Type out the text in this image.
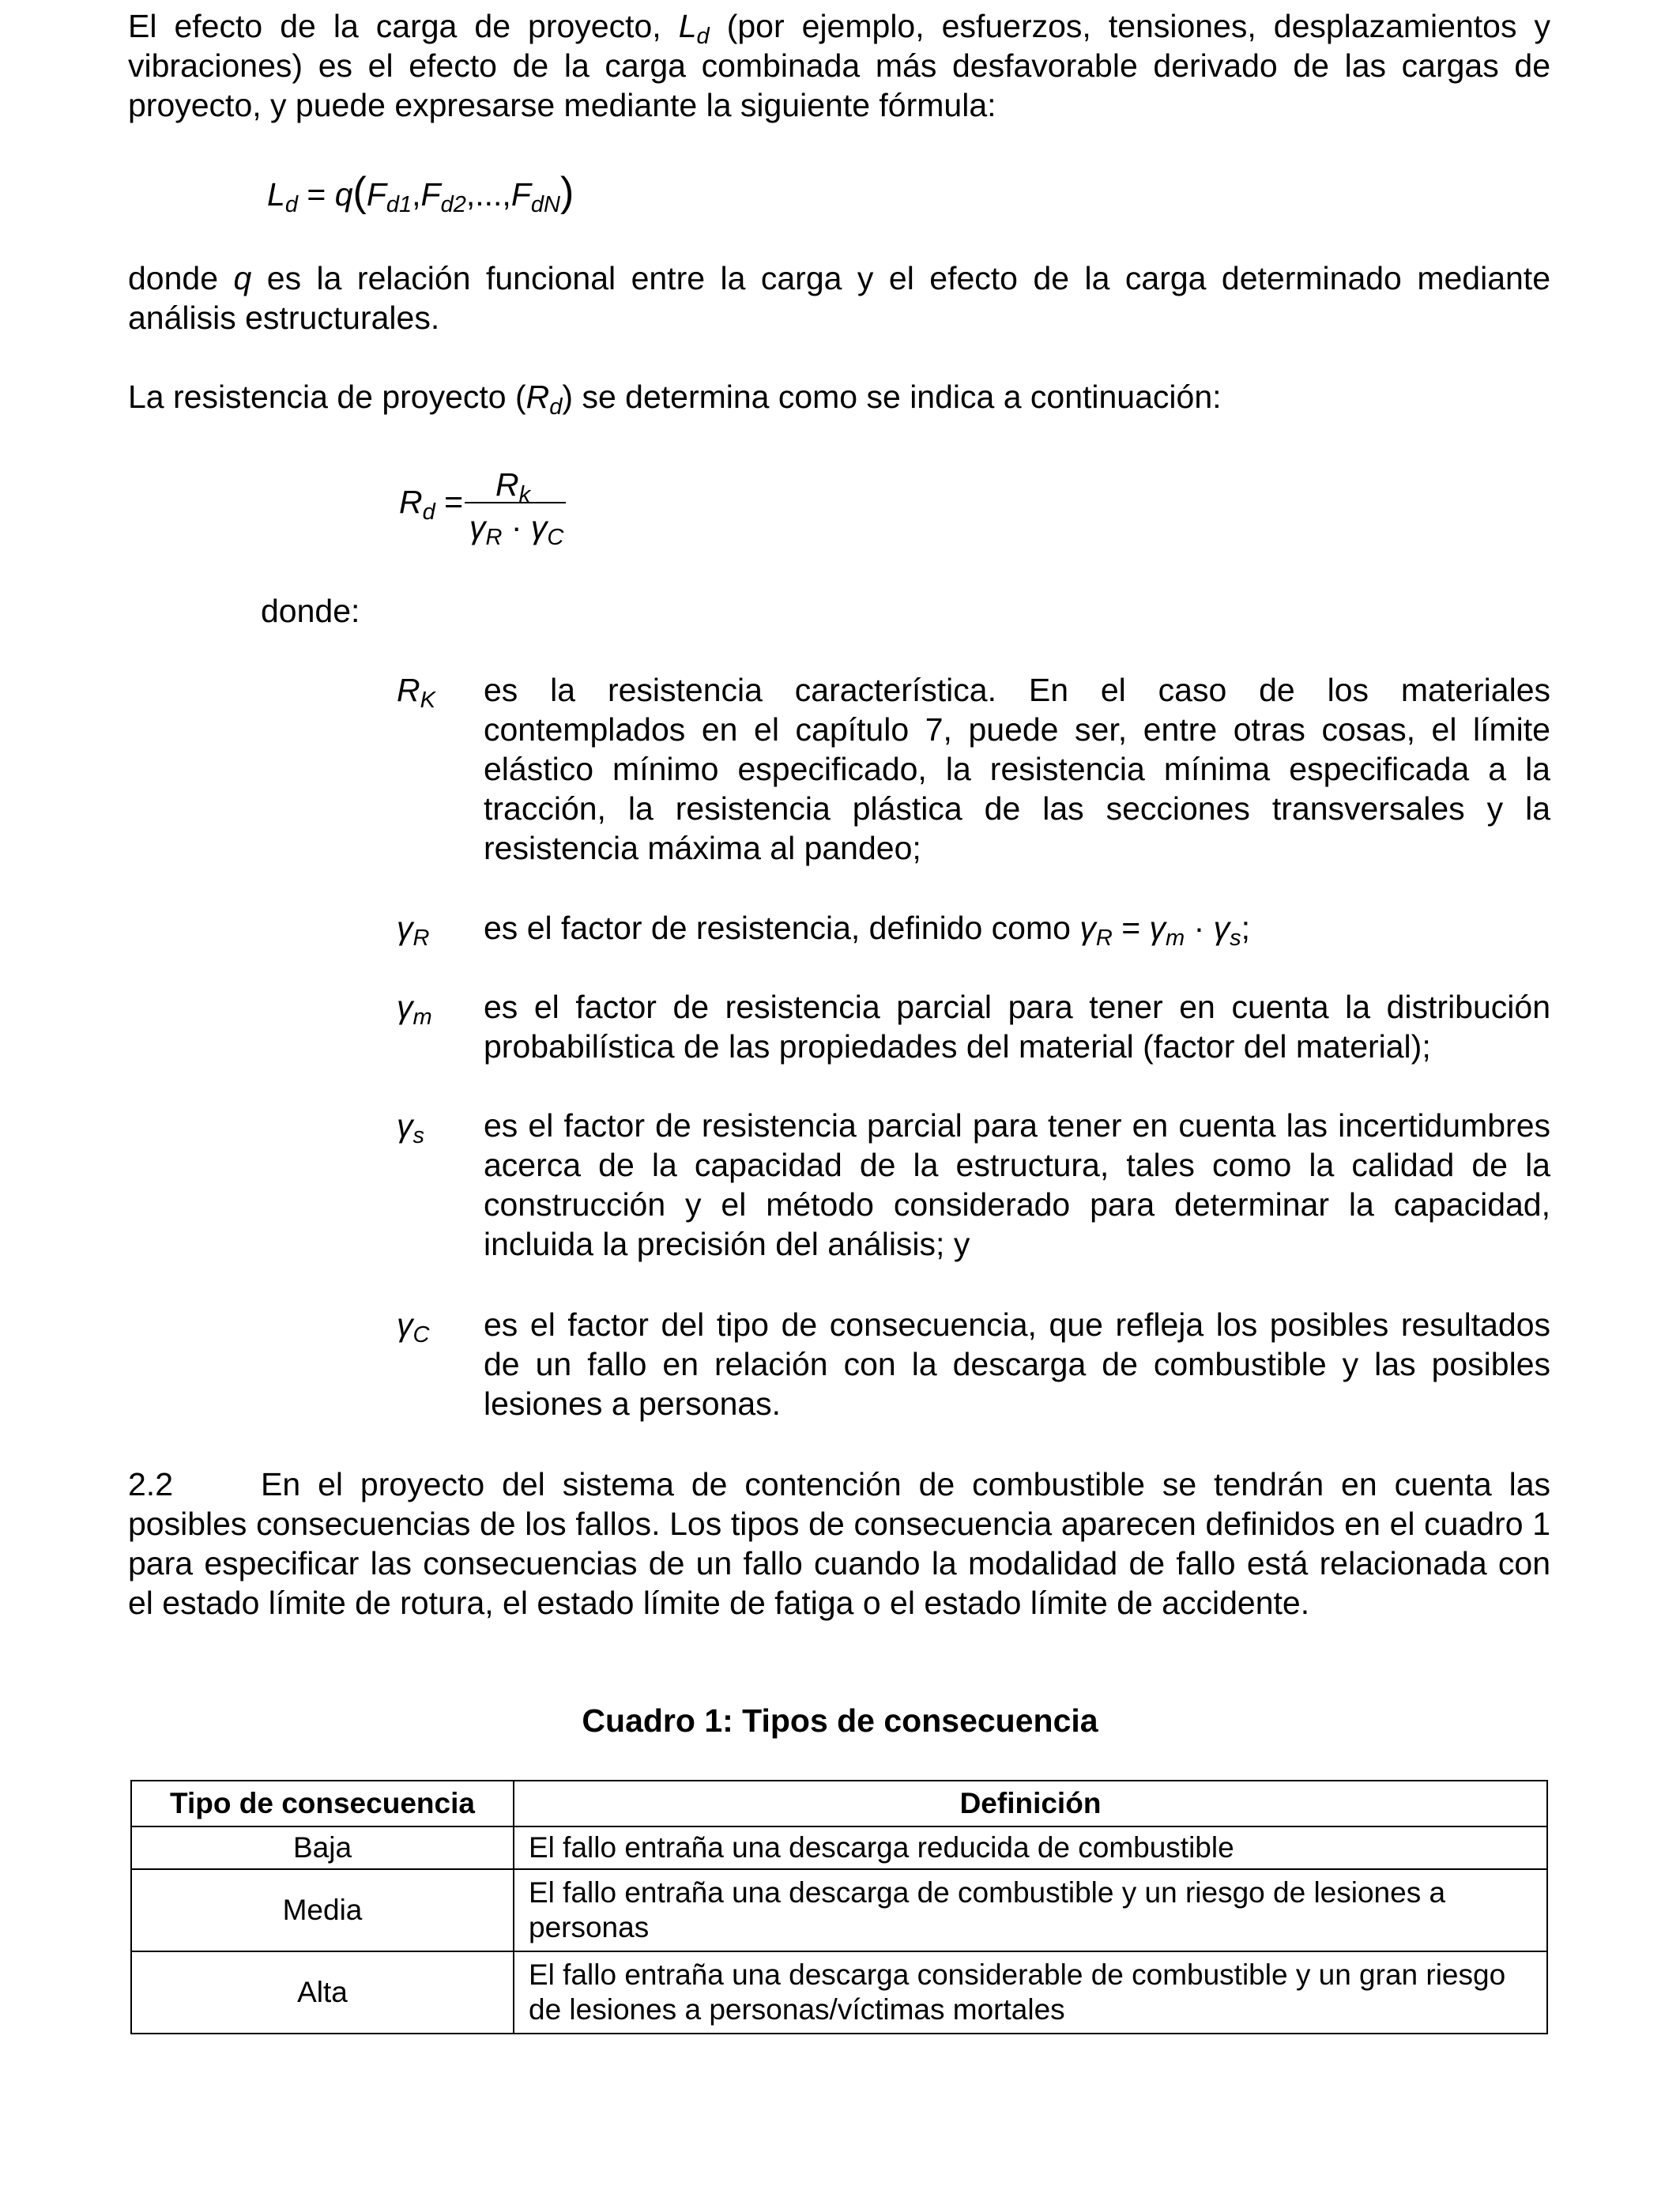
El efecto de la carga de proyecto, $L_d$ (por ejemplo, esfuerzos, tensiones, desplazamientos y vibraciones) es el efecto de la carga combinada más desfavorable derivado de las cargas de proyecto, y puede expresarse mediante la siguiente fórmula:

$L_d = q(F_{d1},F_{d2},...,F_{dN})$

donde q es la relación funcional entre la carga y el efecto de la carga determinado mediante análisis estructurales.

La resistencia de proyecto $(R_d)$ se determina como se indica a continuación:

$R_d = R_k$
$\gamma_R \cdot \gamma_C$
donde:
$R_K$ es la resistencia característica. En el caso de los materiales contemplados en el capítulo 7, puede ser, entre otras cosas, el límite elástico mínimo especificado, la resistencia mínima especificada a la tracción, la resistencia plástica de las secciones transversales y la resistencia máxima al pandeo;

$\gamma_R$ es el factor de resistencia, definido como $\gamma_R = \gamma_m \cdot \gamma_s$;

$\gamma_m$ es el factor de resistencia parcial para tener en cuenta la distribución probabilística de las propiedades del material (factor del material);

$\gamma_s$ es el factor de resistencia parcial para tener en cuenta las incertidumbres acerca de la capacidad de la estructura, tales como la calidad de la construcción y el método considerado para determinar la capacidad, incluida la precisión del análisis; y

$\gamma_C$ es el factor del tipo de consecuencia, que refleja los posibles resultados de un fallo en relación con la descarga de combustible y las posibles lesiones a personas.

2.2	En el proyecto del sistema de contención de combustible se tendrán en cuenta las posibles consecuencias de los fallos. Los tipos de consecuencia aparecen definidos en el cuadro 1 para especificar las consecuencias de un fallo cuando la modalidad de fallo está relacionada con el estado límite de rotura, el estado límite de fatiga o el estado límite de accidente.

Cuadro 1: Tipos de consecuencia
Tipo de consecuencia	Definición
Baja	El fallo entraña una descarga reducida de combustible
Media	El fallo entraña una descarga de combustible y un riesgo de lesiones a personas
Alta	El fallo entraña una descarga considerable de combustible y un gran riesgo de lesiones a personas/víctimas mortales
